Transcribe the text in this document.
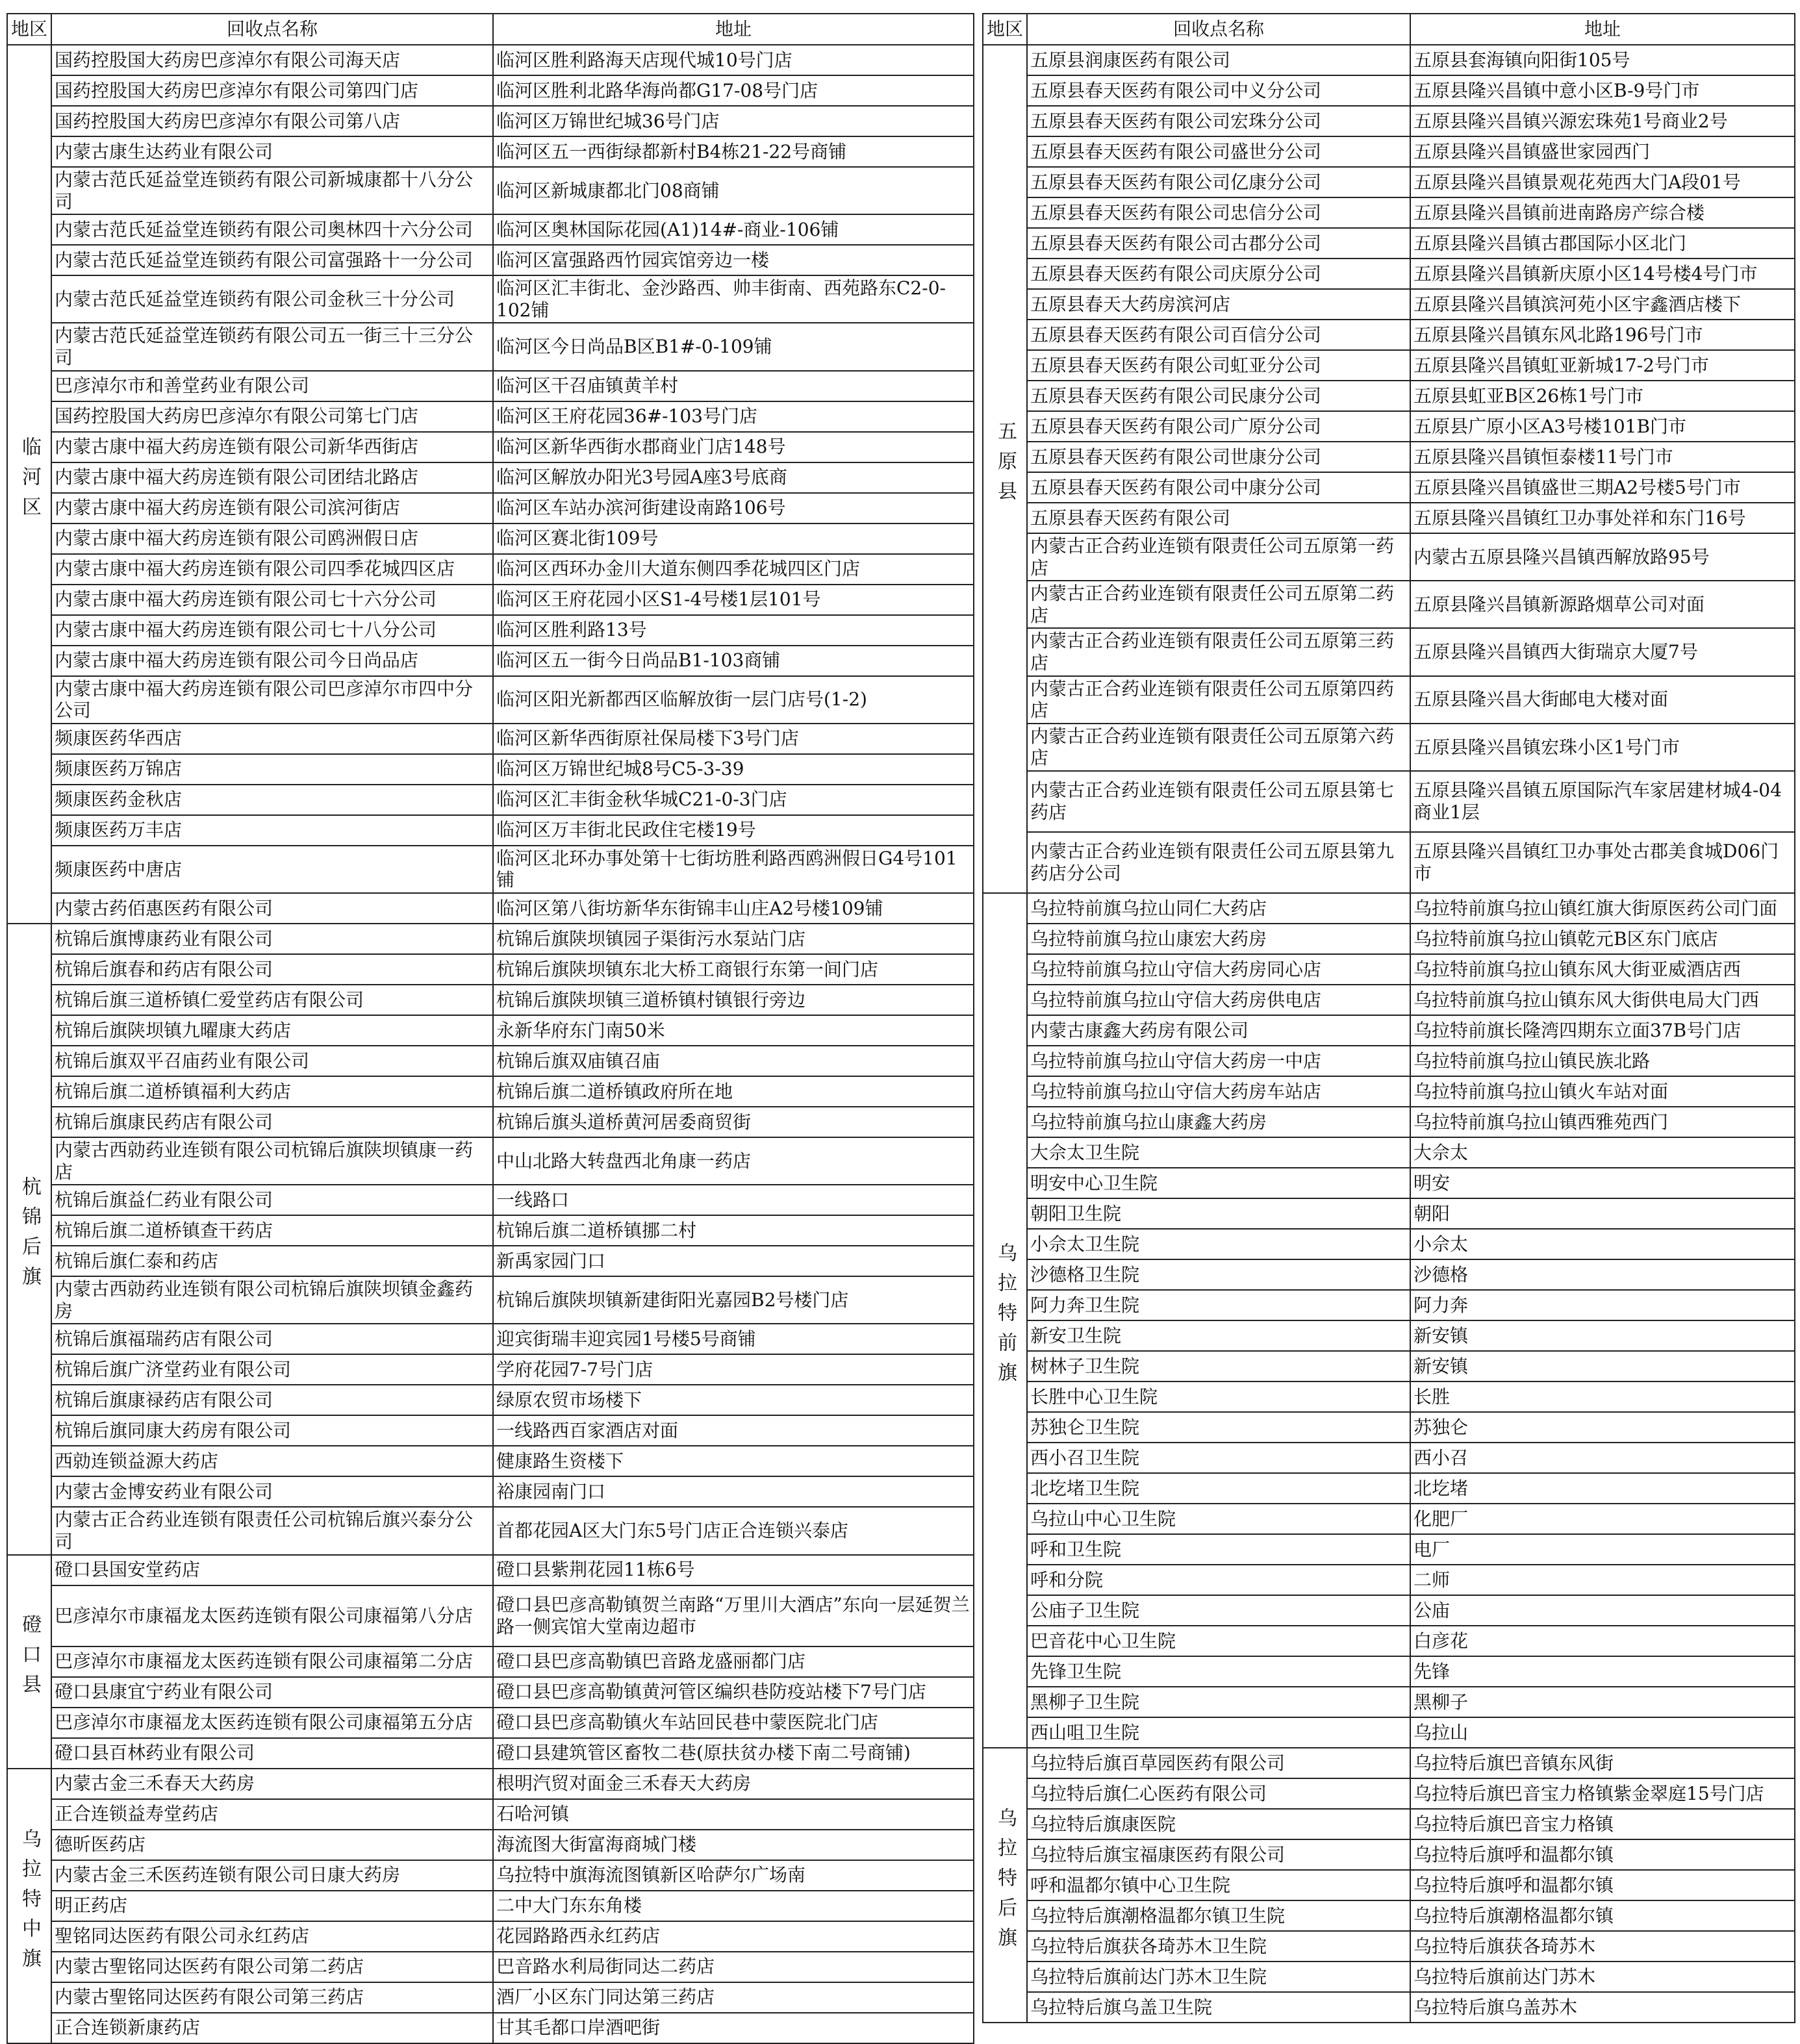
地区	回收点名称	地址
临河区	国药控股国大药房巴彦淖尔有限公司海天店	临河区胜利路海天店现代城10号门店
	国药控股国大药房巴彦淖尔有限公司第四门店	临河区胜利北路华海尚都G17-08号门店
	国药控股国大药房巴彦淖尔有限公司第八店	临河区万锦世纪城36号门店
	内蒙古康生达药业有限公司	临河区五一西街绿都新村B4栋21-22号商铺
	内蒙古范氏延益堂连锁药有限公司新城康都十八分公司	临河区新城康都北门08商铺
	内蒙古范氏延益堂连锁药有限公司奥林四十六分公司	临河区奥林国际花园(A1)14#-商业-106铺
	内蒙古范氏延益堂连锁药有限公司富强路十一分公司	临河区富强路西竹园宾馆旁边一楼
	内蒙古范氏延益堂连锁药有限公司金秋三十分公司	临河区汇丰街北、金沙路西、帅丰街南、西苑路东C2-0-102铺
	内蒙古范氏延益堂连锁药有限公司五一街三十三分公司	临河区今日尚品B区B1#-0-109铺
	巴彦淖尔市和善堂药业有限公司	临河区干召庙镇黄羊村
	国药控股国大药房巴彦淖尔有限公司第七门店	临河区王府花园36#-103号门店
	内蒙古康中福大药房连锁有限公司新华西街店	临河区新华西街水郡商业门店148号
	内蒙古康中福大药房连锁有限公司团结北路店	临河区解放办阳光3号园A座3号底商
	内蒙古康中福大药房连锁有限公司滨河街店	临河区车站办滨河街建设南路106号
	内蒙古康中福大药房连锁有限公司鸥洲假日店	临河区赛北街109号
	内蒙古康中福大药房连锁有限公司四季花城四区店	临河区西环办金川大道东侧四季花城四区门店
	内蒙古康中福大药房连锁有限公司七十六分公司	临河区王府花园小区S1-4号楼1层101号
	内蒙古康中福大药房连锁有限公司七十八分公司	临河区胜利路13号
	内蒙古康中福大药房连锁有限公司今日尚品店	临河区五一街今日尚品B1-103商铺
	内蒙古康中福大药房连锁有限公司巴彦淖尔市四中分公司	临河区阳光新都西区临解放街一层门店号(1-2)
	频康医药华西店	临河区新华西街原社保局楼下3号门店
	频康医药万锦店	临河区万锦世纪城8号C5-3-39
	频康医药金秋店	临河区汇丰街金秋华城C21-0-3门店
	频康医药万丰店	临河区万丰街北民政住宅楼19号
	频康医药中唐店	临河区北环办事处第十七街坊胜利路西鸥洲假日G4号101铺
	内蒙古药佰惠医药有限公司	临河区第八街坊新华东街锦丰山庄A2号楼109铺
杭锦后旗	杭锦后旗博康药业有限公司	杭锦后旗陕坝镇园子渠街污水泵站门店
	杭锦后旗春和药店有限公司	杭锦后旗陕坝镇东北大桥工商银行东第一间门店
	杭锦后旗三道桥镇仁爱堂药店有限公司	杭锦后旗陕坝镇三道桥镇村镇银行旁边
	杭锦后旗陕坝镇九曜康大药店	永新华府东门南50米
	杭锦后旗双平召庙药业有限公司	杭锦后旗双庙镇召庙
	杭锦后旗二道桥镇福利大药店	杭锦后旗二道桥镇政府所在地
	杭锦后旗康民药店有限公司	杭锦后旗头道桥黄河居委商贸街
	内蒙古西勍药业连锁有限公司杭锦后旗陕坝镇康一药店	中山北路大转盘西北角康一药店
	杭锦后旗益仁药业有限公司	一线路口
	杭锦后旗二道桥镇查干药店	杭锦后旗二道桥镇挪二村
	杭锦后旗仁泰和药店	新禹家园门口
	内蒙古西勍药业连锁有限公司杭锦后旗陕坝镇金鑫药房	杭锦后旗陕坝镇新建街阳光嘉园B2号楼门店
	杭锦后旗福瑞药店有限公司	迎宾街瑞丰迎宾园1号楼5号商铺
	杭锦后旗广济堂药业有限公司	学府花园7-7号门店
	杭锦后旗康禄药店有限公司	绿原农贸市场楼下
	杭锦后旗同康大药房有限公司	一线路西百家酒店对面
	西勍连锁益源大药店	健康路生资楼下
	内蒙古金博安药业有限公司	裕康园南门口
	内蒙古正合药业连锁有限责任公司杭锦后旗兴泰分公司	首都花园A区大门东5号门店正合连锁兴泰店
磴口县	磴口县国安堂药店	磴口县紫荆花园11栋6号
	巴彦淖尔市康福龙太医药连锁有限公司康福第八分店	磴口县巴彦高勒镇贺兰南路“万里川大酒店”东向一层延贺兰路一侧宾馆大堂南边超市
	巴彦淖尔市康福龙太医药连锁有限公司康福第二分店	磴口县巴彦高勒镇巴音路龙盛丽都门店
	磴口县康宜宁药业有限公司	磴口县巴彦高勒镇黄河管区编织巷防疫站楼下7号门店
	巴彦淖尔市康福龙太医药连锁有限公司康福第五分店	磴口县巴彦高勒镇火车站回民巷中蒙医院北门店
	磴口县百林药业有限公司	磴口县建筑管区畜牧二巷(原扶贫办楼下南二号商铺)
乌拉特中旗	内蒙古金三禾春天大药房	根明汽贸对面金三禾春天大药房
	正合连锁益寿堂药店	石哈河镇
	德昕医药店	海流图大街富海商城门楼
	内蒙古金三禾医药连锁有限公司日康大药房	乌拉特中旗海流图镇新区哈萨尔广场南
	明正药店	二中大门东东角楼
	聖铭同达医药有限公司永红药店	花园路路西永红药店
	内蒙古聖铭同达医药有限公司第二药店	巴音路水利局街同达二药店
	内蒙古聖铭同达医药有限公司第三药店	酒厂小区东门同达第三药店
	正合连锁新康药店	甘其毛都口岸酒吧街
地区	回收点名称	地址
五原县	五原县润康医药有限公司	五原县套海镇向阳街105号
	五原县春天医药有限公司中义分公司	五原县隆兴昌镇中意小区B-9号门市
	五原县春天医药有限公司宏珠分公司	五原县隆兴昌镇兴源宏珠苑1号商业2号
	五原县春天医药有限公司盛世分公司	五原县隆兴昌镇盛世家园西门
	五原县春天医药有限公司亿康分公司	五原县隆兴昌镇景观花苑西大门A段01号
	五原县春天医药有限公司忠信分公司	五原县隆兴昌镇前进南路房产综合楼
	五原县春天医药有限公司古郡分公司	五原县隆兴昌镇古郡国际小区北门
	五原县春天医药有限公司庆原分公司	五原县隆兴昌镇新庆原小区14号楼4号门市
	五原县春天大药房滨河店	五原县隆兴昌镇滨河苑小区宇鑫酒店楼下
	五原县春天医药有限公司百信分公司	五原县隆兴昌镇东风北路196号门市
	五原县春天医药有限公司虹亚分公司	五原县隆兴昌镇虹亚新城17-2号门市
	五原县春天医药有限公司民康分公司	五原县虹亚B区26栋1号门市
	五原县春天医药有限公司广原分公司	五原县广原小区A3号楼101B门市
	五原县春天医药有限公司世康分公司	五原县隆兴昌镇恒泰楼11号门市
	五原县春天医药有限公司中康分公司	五原县隆兴昌镇盛世三期A2号楼5号门市
	五原县春天医药有限公司	五原县隆兴昌镇红卫办事处祥和东门16号
	内蒙古正合药业连锁有限责任公司五原第一药店	内蒙古五原县隆兴昌镇西解放路95号
	内蒙古正合药业连锁有限责任公司五原第二药店	五原县隆兴昌镇新源路烟草公司对面
	内蒙古正合药业连锁有限责任公司五原第三药店	五原县隆兴昌镇西大街瑞京大厦7号
	内蒙古正合药业连锁有限责任公司五原第四药店	五原县隆兴昌大街邮电大楼对面
	内蒙古正合药业连锁有限责任公司五原第六药店	五原县隆兴昌镇宏珠小区1号门市
	内蒙古正合药业连锁有限责任公司五原县第七药店	五原县隆兴昌镇五原国际汽车家居建材城4-04商业1层
	内蒙古正合药业连锁有限责任公司五原县第九药店分公司	五原县隆兴昌镇红卫办事处古郡美食城D06门市
乌拉特前旗	乌拉特前旗乌拉山同仁大药店	乌拉特前旗乌拉山镇红旗大街原医药公司门面
	乌拉特前旗乌拉山康宏大药房	乌拉特前旗乌拉山镇乾元B区东门底店
	乌拉特前旗乌拉山守信大药房同心店	乌拉特前旗乌拉山镇东风大街亚威酒店西
	乌拉特前旗乌拉山守信大药房供电店	乌拉特前旗乌拉山镇东风大街供电局大门西
	内蒙古康鑫大药房有限公司	乌拉特前旗长隆湾四期东立面37B号门店
	乌拉特前旗乌拉山守信大药房一中店	乌拉特前旗乌拉山镇民族北路
	乌拉特前旗乌拉山守信大药房车站店	乌拉特前旗乌拉山镇火车站对面
	乌拉特前旗乌拉山康鑫大药房	乌拉特前旗乌拉山镇西雅苑西门
	大佘太卫生院	大佘太
	明安中心卫生院	明安
	朝阳卫生院	朝阳
	小佘太卫生院	小佘太
	沙德格卫生院	沙德格
	阿力奔卫生院	阿力奔
	新安卫生院	新安镇
	树林子卫生院	新安镇
	长胜中心卫生院	长胜
	苏独仑卫生院	苏独仑
	西小召卫生院	西小召
	北圪堵卫生院	北圪堵
	乌拉山中心卫生院	化肥厂
	呼和卫生院	电厂
	呼和分院	二师
	公庙子卫生院	公庙
	巴音花中心卫生院	白彦花
	先锋卫生院	先锋
	黑柳子卫生院	黑柳子
	西山咀卫生院	乌拉山
乌拉特后旗	乌拉特后旗百草园医药有限公司	乌拉特后旗巴音镇东风街
	乌拉特后旗仁心医药有限公司	乌拉特后旗巴音宝力格镇紫金翠庭15号门店
	乌拉特后旗康医院	乌拉特后旗巴音宝力格镇
	乌拉特后旗宝福康医药有限公司	乌拉特后旗呼和温都尔镇
	呼和温都尔镇中心卫生院	乌拉特后旗呼和温都尔镇
	乌拉特后旗潮格温都尔镇卫生院	乌拉特后旗潮格温都尔镇
	乌拉特后旗获各琦苏木卫生院	乌拉特后旗获各琦苏木
	乌拉特后旗前达门苏木卫生院	乌拉特后旗前达门苏木
	乌拉特后旗乌盖卫生院	乌拉特后旗乌盖苏木
